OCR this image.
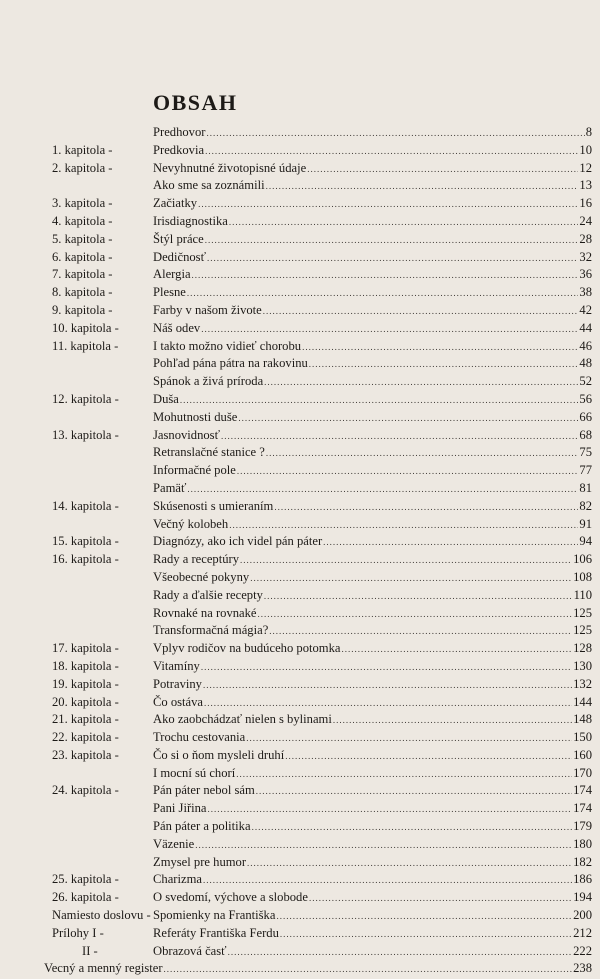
OBSAH
Predhovor .....	8
1. kapitola -	Predkovia .....	10
2. kapitola -	Nevyhnutné životopisné údaje .....	12
Ako sme sa zoznámili .....	13
3. kapitola -	Začiatky .....	16
4. kapitola -	Irisdiagnostika .....	24
5. kapitola -	Štýl práce .....	28
6. kapitola -	Dedičnosť .....	32
7. kapitola -	Alergia .....	36
8. kapitola -	Plesne .....	38
9. kapitola -	Farby v našom živote .....	42
10. kapitola -	Náš odev .....	44
11. kapitola -	I takto možno vidieť chorobu .....	46
Pohľad pána pátra na rakovinu .....	48
Spánok a živá príroda .....	52
12. kapitola -	Duša .....	56
Mohutnosti duše .....	66
13. kapitola -	Jasnovidnosť .....	68
Retranslačné stanice ? .....	75
Informačné pole .....	77
Pamäť .....	81
14. kapitola -	Skúsenosti s umieraním .....	82
Večný kolobeh .....	91
15. kapitola -	Diagnózy, ako ich videl pán páter .....	94
16. kapitola -	Rady a receptúry .....	106
Všeobecné pokyny .....	108
Rady a ďalšie recepty .....	110
Rovnaké na rovnaké .....	125
Transformačná mágia? .....	125
17. kapitola -	Vplyv rodičov na budúceho potomka .....	128
18. kapitola -	Vitamíny .....	130
19. kapitola -	Potraviny .....	132
20. kapitola -	Čo ostáva .....	144
21. kapitola -	Ako zaobchádzať nielen s bylinami .....	148
22. kapitola -	Trochu cestovania .....	150
23. kapitola -	Čo si o ňom mysleli druhí .....	160
I mocní sú chorí .....	170
24. kapitola -	Pán páter nebol sám .....	174
Pani Jiřina .....	174
Pán páter a politika .....	179
Väzenie .....	180
Zmysel pre humor .....	182
25. kapitola -	Charizma .....	186
26. kapitola -	O svedomí, výchove a slobode .....	194
Namiesto doslovu - Spomienky na Františka .....	200
Prílohy I -	Referáty Františka Ferdu .....	212
II -	Obrazová časť .....	222
Vecný a menný register .....	238
